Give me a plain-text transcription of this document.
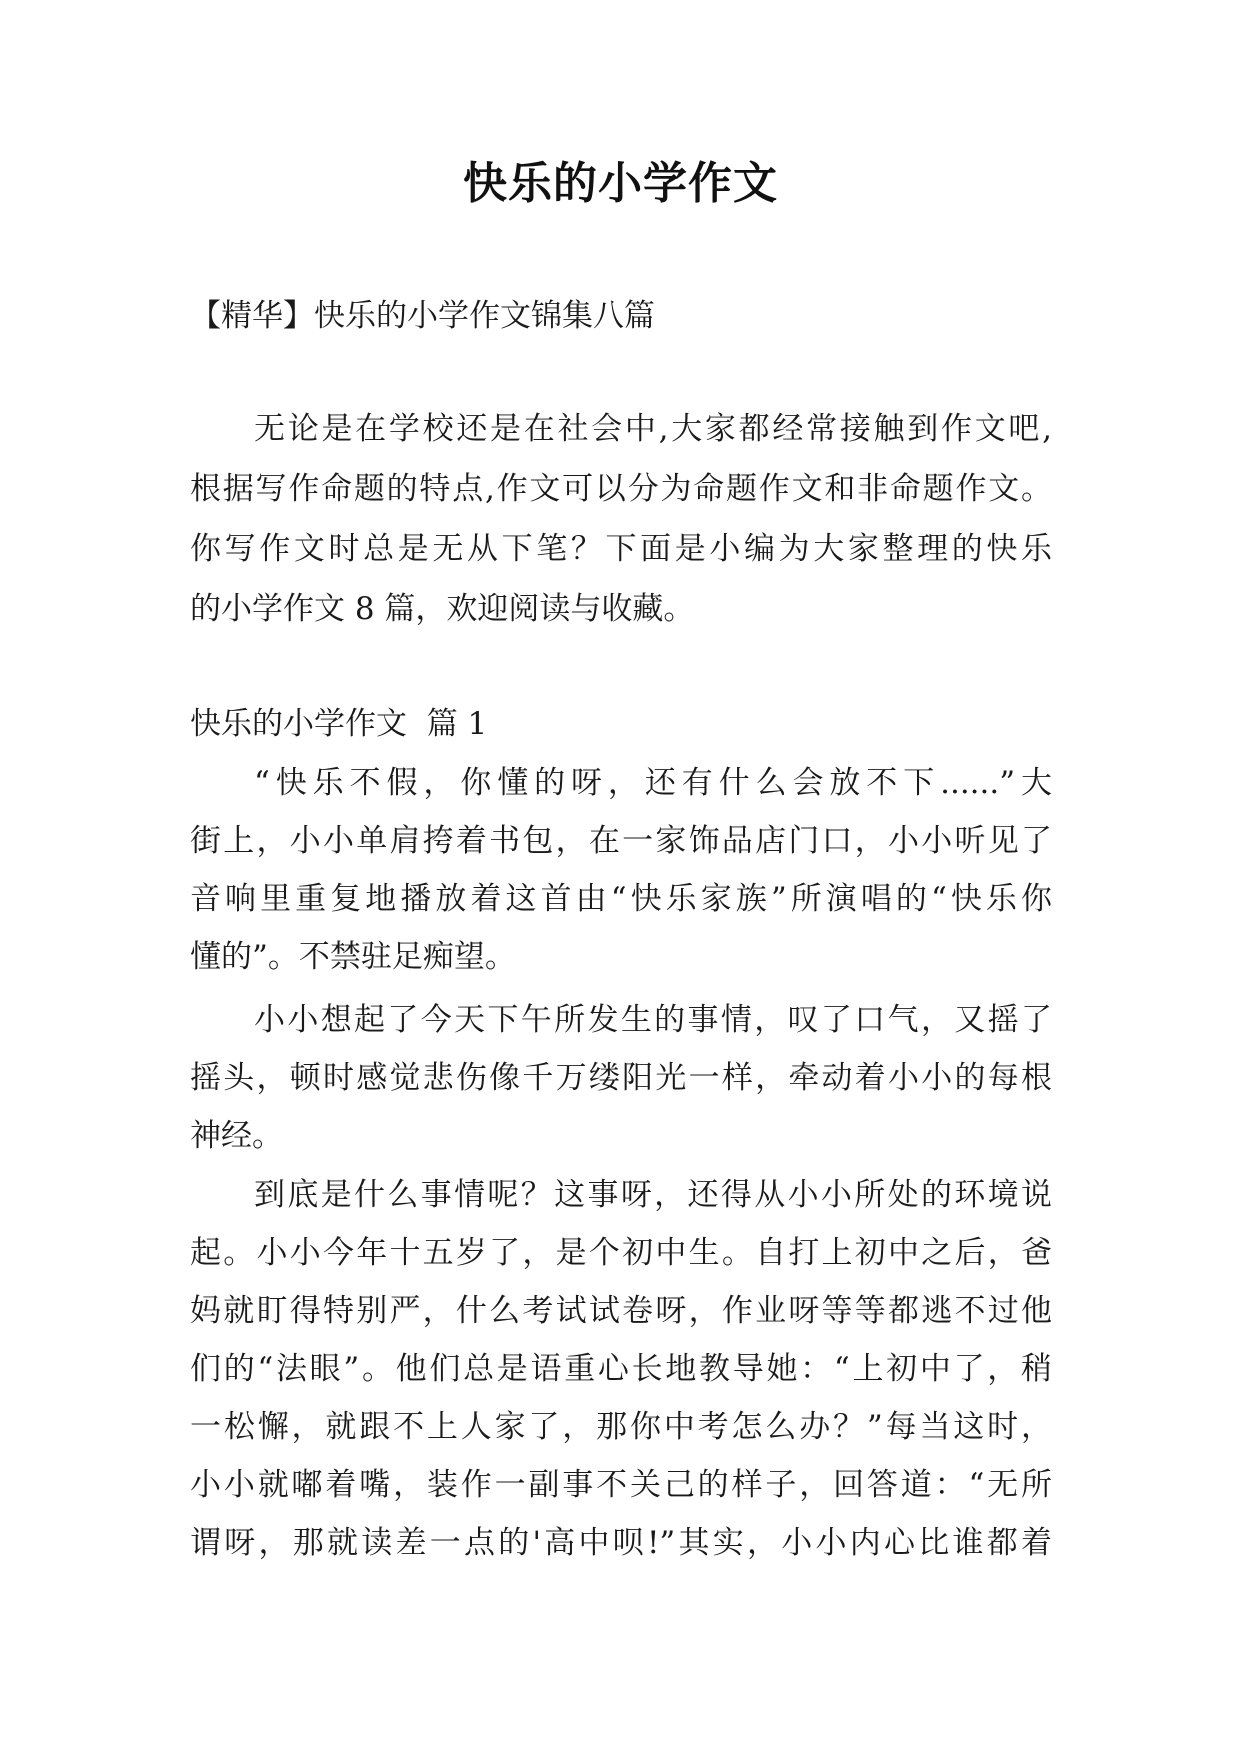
快乐的小学作文
【精华】快乐的小学作文锦集八篇
无论是在学校还是在社会中,大家都经常接触到作文吧,
根据写作命题的特点,作文可以分为命题作文和非命题作文。
你写作文时总是无从下笔？下面是小编为大家整理的快乐
的小学作文 8 篇，欢迎阅读与收藏。
快乐的小学作文  篇 1
“快乐不假，你懂的呀，还有什么会放不下......”大
街上，小小单肩挎着书包，在一家饰品店门口，小小听见了
音响里重复地播放着这首由“快乐家族”所演唱的“快乐你
懂的”。不禁驻足痴望。
小小想起了今天下午所发生的事情，叹了口气，又摇了
摇头，顿时感觉悲伤像千万缕阳光一样，牵动着小小的每根
神经。
到底是什么事情呢？这事呀，还得从小小所处的环境说
起。小小今年十五岁了，是个初中生。自打上初中之后，爸
妈就盯得特别严，什么考试试卷呀，作业呀等等都逃不过他
们的“法眼”。他们总是语重心长地教导她：“上初中了，稍
一松懈，就跟不上人家了，那你中考怎么办？”每当这时，
小小就嘟着嘴，装作一副事不关己的样子，回答道：“无所
谓呀，那就读差一点的'高中呗!”其实，小小内心比谁都着
